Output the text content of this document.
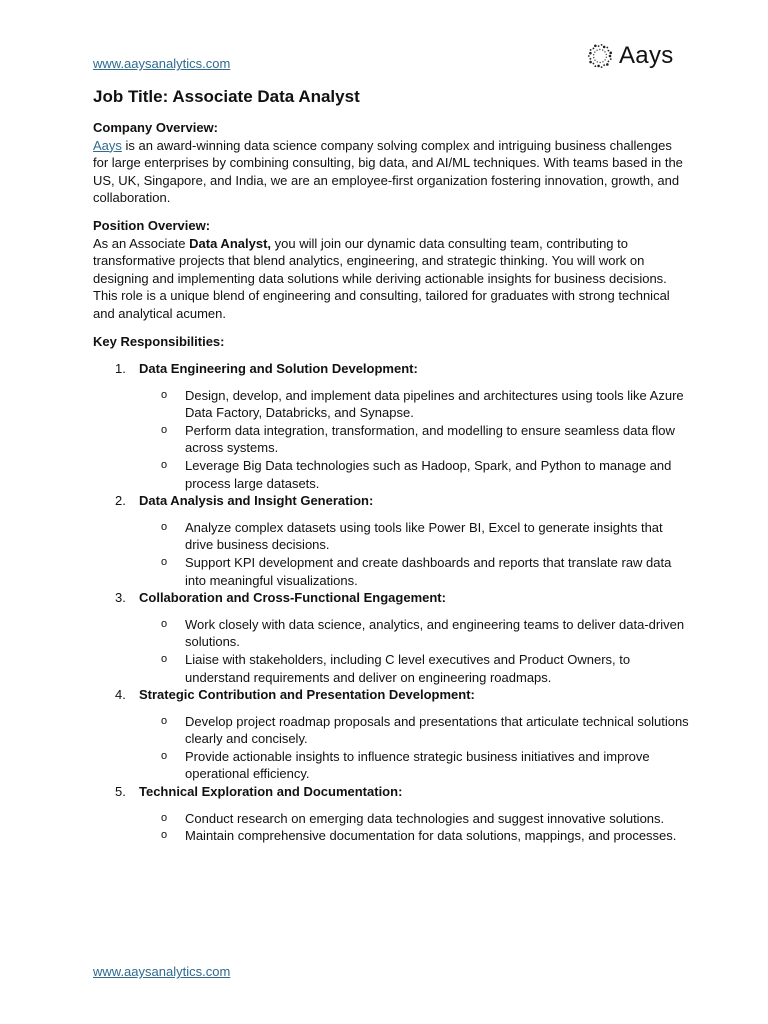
www.aaysanalytics.com	Aays
Job Title: Associate Data Analyst
Company Overview:

Aays is an award-winning data science company solving complex and intriguing business challenges for large enterprises by combining consulting, big data, and AI/ML techniques. With teams based in the US, UK, Singapore, and India, we are an employee-first organization fostering innovation, growth, and collaboration.

Position Overview:

As an Associate Data Analyst, you will join our dynamic data consulting team, contributing to transformative projects that blend analytics, engineering, and strategic thinking. You will work on designing and implementing data solutions while deriving actionable insights for business decisions. This role is a unique blend of engineering and consulting, tailored for graduates with strong technical and analytical acumen.

Key Responsibilities:
1. Data Engineering and Solution Development:
o Design, develop, and implement data pipelines and architectures using tools like Azure Data Factory, Databricks, and Synapse.
o Perform data integration, transformation, and modelling to ensure seamless data flow across systems.
o Leverage Big Data technologies such as Hadoop, Spark, and Python to manage and process large datasets.
2. Data Analysis and Insight Generation:
o Analyze complex datasets using tools like Power BI, Excel to generate insights that drive business decisions.
o Support KPI development and create dashboards and reports that translate raw data into meaningful visualizations.
3. Collaboration and Cross-Functional Engagement:
o Work closely with data science, analytics, and engineering teams to deliver data-driven solutions.
o Liaise with stakeholders, including C level executives and Product Owners, to understand requirements and deliver on engineering roadmaps.
4. Strategic Contribution and Presentation Development:
o Develop project roadmap proposals and presentations that articulate technical solutions clearly and concisely.
o Provide actionable insights to influence strategic business initiatives and improve operational efficiency.
5. Technical Exploration and Documentation:
o Conduct research on emerging data technologies and suggest innovative solutions.
o Maintain comprehensive documentation for data solutions, mappings, and processes.
www.aaysanalytics.com
